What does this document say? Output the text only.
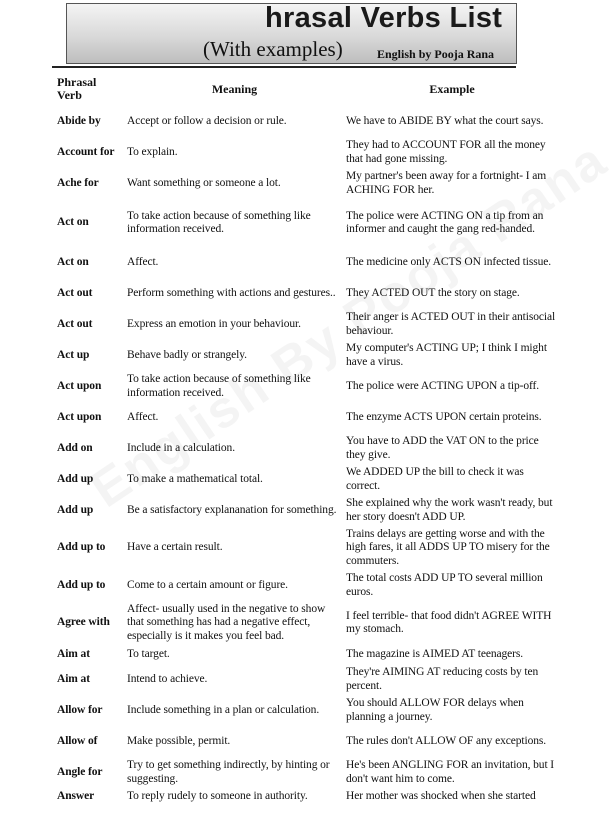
hrasal Verbs List
(With examples)	English by Pooja Rana
Phrasal Verb	Meaning	Example
Abide by	Accept or follow a decision or rule.	We have to ABIDE BY what the court says.
Account for	To explain.	They had to ACCOUNT FOR all the money that had gone missing.
Ache for	Want something or someone a lot.	My partner's been away for a fortnight- I am ACHING FOR her.
Act on	To take action because of something like information received.	The police were ACTING ON a tip from an informer and caught the gang red-handed.
Act on	Affect.	The medicine only ACTS ON infected tissue.
Act out	Perform something with actions and gestures..	They ACTED OUT the story on stage.
Act out	Express an emotion in your behaviour.	Their anger is ACTED OUT in their antisocial behaviour.
Act up	Behave badly or strangely.	My computer's ACTING UP; I think I might have a virus.
Act upon	To take action because of something like information received.	The police were ACTING UPON a tip-off.
Act upon	Affect.	The enzyme ACTS UPON certain proteins.
Add on	Include in a calculation.	You have to ADD the VAT ON to the price they give.
Add up	To make a mathematical total.	We ADDED UP the bill to check it was correct.
Add up	Be a satisfactory explananation for something.	She explained why the work wasn't ready, but her story doesn't ADD UP.
Add up to	Have a certain result.	Trains delays are getting worse and with the high fares, it all ADDS UP TO misery for the commuters.
Add up to	Come to a certain amount or figure.	The total costs ADD UP TO several million euros.
Agree with	Affect- usually used in the negative to show that something has had a negative effect, especially is it makes you feel bad.	I feel terrible- that food didn't AGREE WITH my stomach.
Aim at	To target.	The magazine is AIMED AT teenagers.
Aim at	Intend to achieve.	They're AIMING AT reducing costs by ten percent.
Allow for	Include something in a plan or calculation.	You should ALLOW FOR delays when planning a journey.
Allow of	Make possible, permit.	The rules don't ALLOW OF any exceptions.
Angle for	Try to get something indirectly, by hinting or suggesting.	He's been ANGLING FOR an invitation, but I don't want him to come.
Answer	To reply rudely to someone in authority.	Her mother was shocked when she started
